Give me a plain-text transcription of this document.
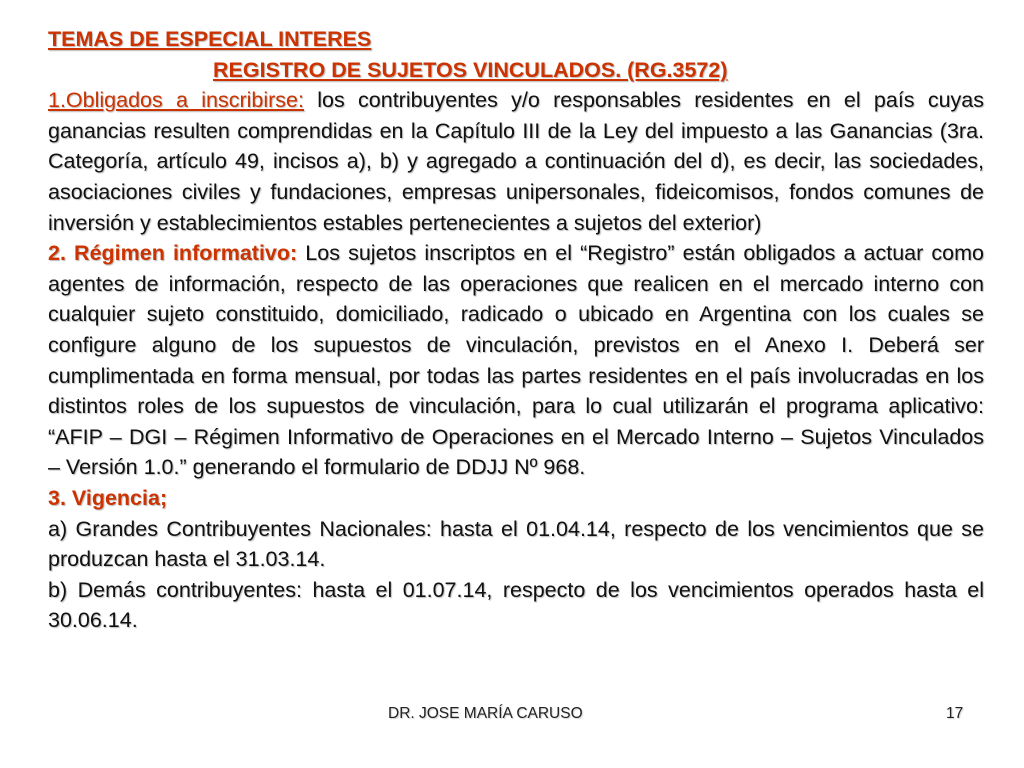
TEMAS DE ESPECIAL INTERES
REGISTRO DE SUJETOS VINCULADOS. (RG.3572)
1.Obligados a inscribirse: los contribuyentes y/o responsables residentes en el país cuyas ganancias resulten comprendidas en la Capítulo III de la Ley del impuesto a las Ganancias (3ra. Categoría, artículo 49, incisos a), b) y agregado a continuación del d), es decir, las sociedades, asociaciones civiles y fundaciones, empresas unipersonales, fideicomisos, fondos comunes de inversión y establecimientos estables pertenecientes a sujetos del exterior)
2. Régimen informativo: Los sujetos inscriptos en el “Registro” están obligados a actuar como agentes de información, respecto de las operaciones que realicen en el mercado interno con cualquier sujeto constituido, domiciliado, radicado o ubicado en Argentina con los cuales se configure alguno de los supuestos de vinculación, previstos en el Anexo I. Deberá ser cumplimentada en forma mensual, por todas las partes residentes en el país involucradas en los distintos roles de los supuestos de vinculación, para lo cual utilizarán el programa aplicativo: “AFIP – DGI – Régimen Informativo de Operaciones en el Mercado Interno – Sujetos Vinculados – Versión 1.0.” generando el formulario de DDJJ Nº 968.
3. Vigencia;
a) Grandes Contribuyentes Nacionales: hasta el 01.04.14, respecto de los vencimientos que se produzcan hasta el 31.03.14.
b) Demás contribuyentes: hasta el 01.07.14, respecto de los vencimientos operados hasta el 30.06.14.
DR. JOSE MARÍA CARUSO	17
